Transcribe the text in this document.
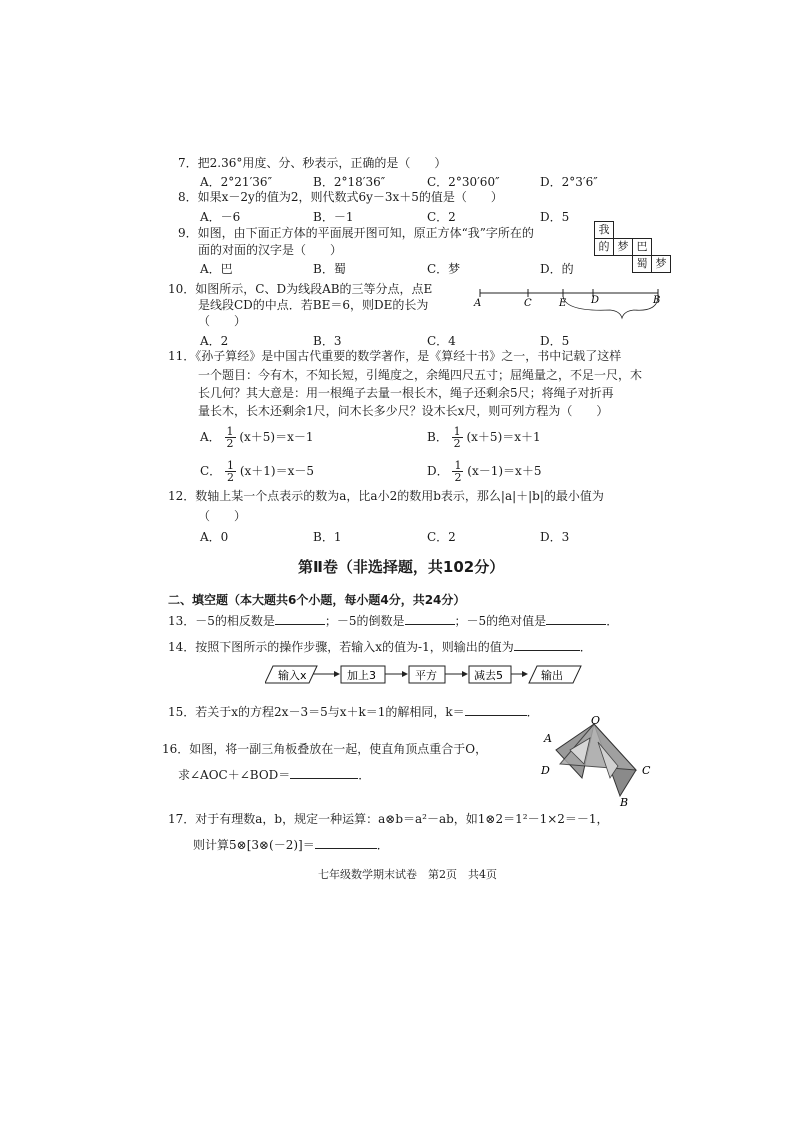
7．把2.36°用度、分、秒表示，正确的是（　　）
A．2°21′36″	B．2°18′36″	C．2°30′60″	D．2°3′6″
8．如果x－2y的值为2，则代数式6y－3x＋5的值是（　　）
A．－6	B．－1	C．2	D．5
9．如图，由下面正方体的平面展开图可知，原正方体“我”字所在的
面的对面的汉字是（　　）
A．巴	B．蜀	C．梦	D．的
我
的 梦 巴
蜀 梦
10．如图所示，C、D为线段AB的三等分点，点E
是线段CD的中点．若BE＝6，则DE的长为
（　　）
A．2	B．3	C．4	D．5
A	C	E D	B
11．《孙子算经》是中国古代重要的数学著作，是《算经十书》之一，书中记载了这样
一个题目：今有木，不知长短，引绳度之，余绳四尺五寸；屈绳量之，不足一尺，木
长几何？其大意是：用一根绳子去量一根长木，绳子还剩余5尺；将绳子对折再
量长木，长木还剩余1尺，问木长多少尺？设木长x尺，则可列方程为（　　）
A． $\frac{1}{2} (x+5)=x-1$	B． $\frac{1}{2} (x+5)=x+1$
C． $\frac{1}{2} (x+1)=x-5$	D． $\frac{1}{2} (x-1)=x+5$
12．数轴上某一个点表示的数为a，比a小2的数用b表示，那么|a|＋|b|的最小值为
（　　）
A．0	B．1	C．2	D．3
第Ⅱ卷（非选择题，共102分）
二、填空题（本大题共6个小题，每小题4分，共24分）
13．－5的相反数是	；－5的倒数是	；－5的绝对值是	．
14．按照下图所示的操作步骤，若输入x的值为-1，则输出的值为	．
输入x	加上3	平方	减去5	输出
15．若关于x的方程2x－3＝5与x＋k＝1的解相同，k＝	．
16．如图，将一副三角板叠放在一起，使直角顶点重合于O，
求∠AOC＋∠BOD＝	．
O
A
D	C
B
17．对于有理数a，b，规定一种运算：a⊗b＝a²－ab，如1⊗2＝1²－1×2＝－1，
则计算5⊗[3⊗(－2)]＝	．
七年级数学期末试卷　第2页　共4页
